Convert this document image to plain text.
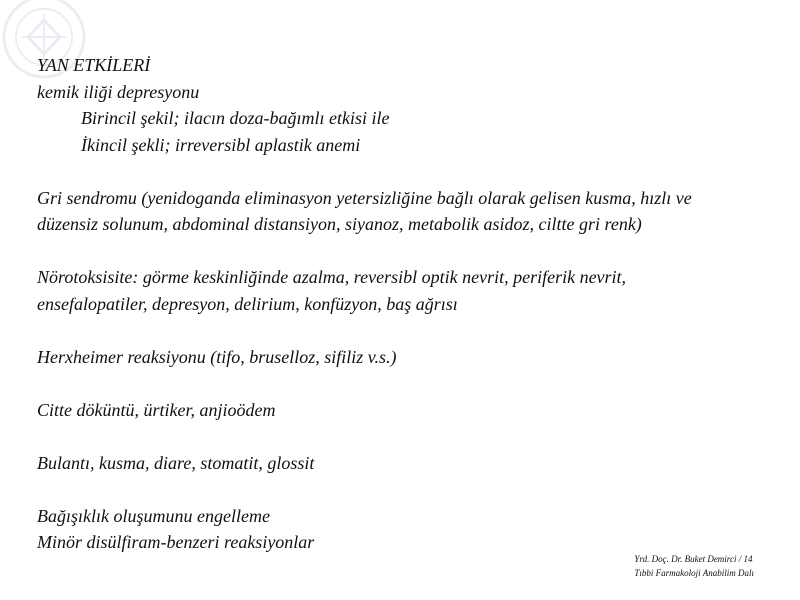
YAN ETKİLERİ
kemik iliği depresyonu
Birincil şekil; ilacın doza-bağımlı etkisi ile
İkincil şekli; irreversibl aplastik anemi
Gri sendromu (yenidoganda eliminasyon yetersizliğine bağlı olarak gelisen kusma, hızlı ve
düzensiz solunum, abdominal distansiyon, siyanoz, metabolik asidoz, ciltte gri renk)
Nörotoksisite: görme keskinliğinde azalma, reversibl optik nevrit, periferik nevrit,
ensefalopatiler, depresyon, delirium, konfüzyon, baş ağrısı
Herxheimer reaksiyonu (tifo, bruselloz, sifiliz v.s.)
Citte döküntü, ürtiker, anjioödem
Bulantı, kusma, diare, stomatit, glossit
Bağışıklık oluşumunu engelleme
Minör disülfiram-benzeri reaksiyonlar
Yrd. Doç. Dr. Buket Demirci / 14
Tıbbi Farmakoloji Anabilim Dalı
